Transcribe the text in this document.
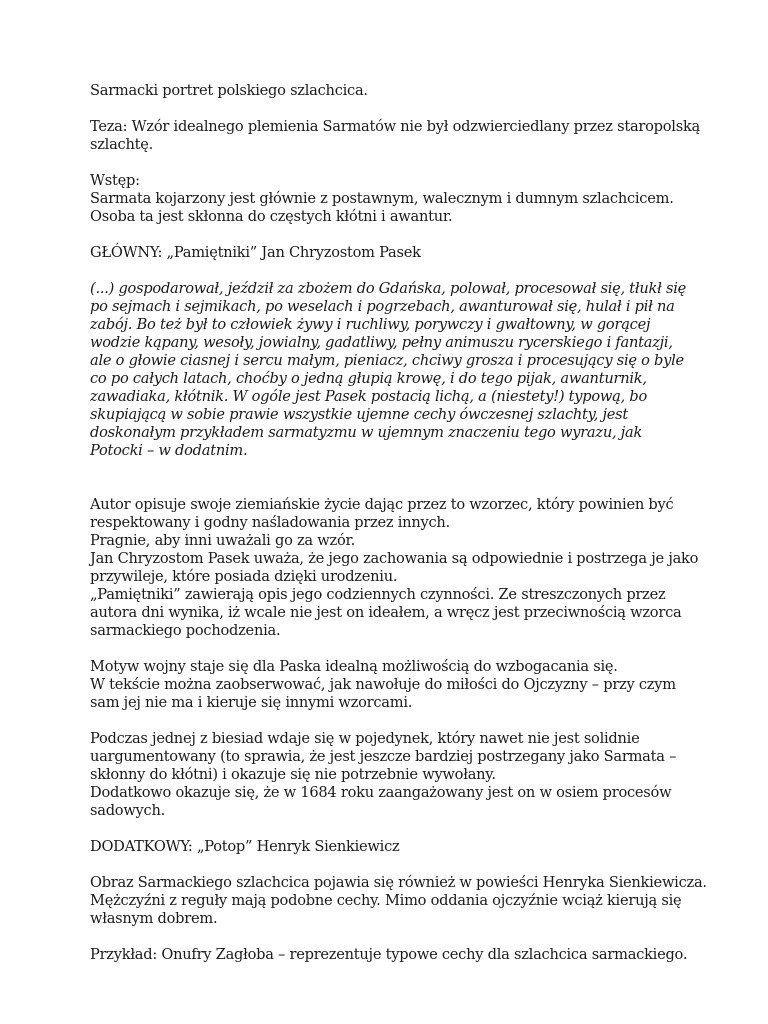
Sarmacki portret polskiego szlachcica.
Teza: Wzór idealnego plemienia Sarmatów nie był odzwierciedlany przez staropolską
szlachtę.
Wstęp:
Sarmata kojarzony jest głównie z postawnym, walecznym i dumnym szlachcicem.
Osoba ta jest skłonna do częstych kłótni i awantur.
GŁÓWNY: „Pamiętniki” Jan Chryzostom Pasek
(...) gospodarował, jeździł za zbożem do Gdańska, polował, procesował się, tłukł się
po sejmach i sejmikach, po weselach i pogrzebach, awanturował się, hulał i pił na
zabój. Bo też był to człowiek żywy i ruchliwy, porywczy i gwałtowny, w gorącej
wodzie kąpany, wesoły, jowialny, gadatliwy, pełny animuszu rycerskiego i fantazji,
ale o głowie ciasnej i sercu małym, pieniacz, chciwy grosza i procesujący się o byle
co po całych latach, choćby o jedną głupią krowę, i do tego pijak, awanturnik,
zawadiaka, kłótnik. W ogóle jest Pasek postacią lichą, a (niestety!) typową, bo
skupiającą w sobie prawie wszystkie ujemne cechy ówczesnej szlachty, jest
doskonałym przykładem sarmatyzmu w ujemnym znaczeniu tego wyrazu, jak
Potocki – w dodatnim.
Autor opisuje swoje ziemiańskie życie dając przez to wzorzec, który powinien być
respektowany i godny naśladowania przez innych.
Pragnie, aby inni uważali go za wzór.
Jan Chryzostom Pasek uważa, że jego zachowania są odpowiednie i postrzega je jako
przywileje, które posiada dzięki urodzeniu.
„Pamiętniki” zawierają opis jego codziennych czynności. Ze streszczonych przez
autora dni wynika, iż wcale nie jest on ideałem, a wręcz jest przeciwnością wzorca
sarmackiego pochodzenia.
Motyw wojny staje się dla Paska idealną możliwością do wzbogacania się.
W tekście można zaobserwować, jak nawołuje do miłości do Ojczyzny – przy czym
sam jej nie ma i kieruje się innymi wzorcami.
Podczas jednej z biesiad wdaje się w pojedynek, który nawet nie jest solidnie
uargumentowany (to sprawia, że jest jeszcze bardziej postrzegany jako Sarmata –
skłonny do kłótni) i okazuje się nie potrzebnie wywołany.
Dodatkowo okazuje się, że w 1684 roku zaangażowany jest on w osiem procesów
sadowych.
DODATKOWY: „Potop” Henryk Sienkiewicz
Obraz Sarmackiego szlachcica pojawia się również w powieści Henryka Sienkiewicza.
Mężczyźni z reguły mają podobne cechy. Mimo oddania ojczyźnie wciąż kierują się
własnym dobrem.
Przykład: Onufry Zagłoba – reprezentuje typowe cechy dla szlachcica sarmackiego.
